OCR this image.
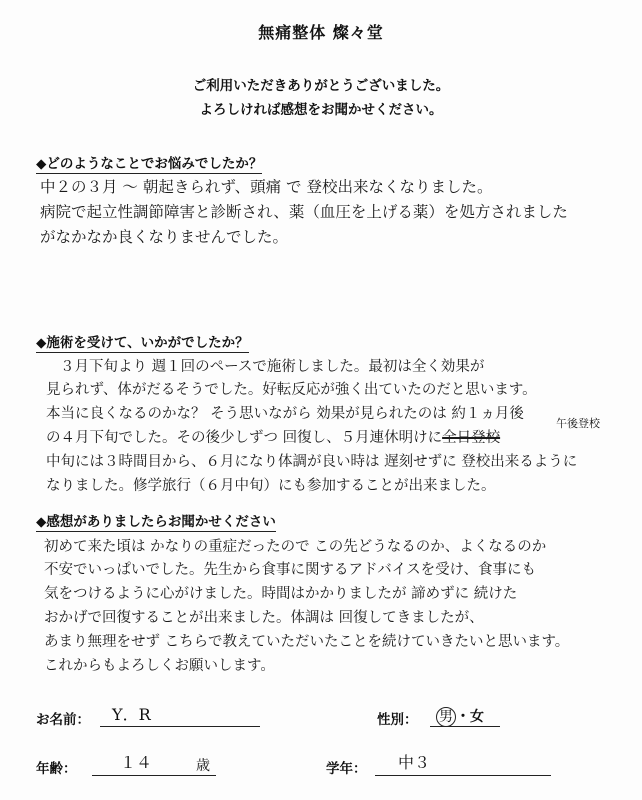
無痛整体 燦々堂
ご利用いただきありがとうございました。
よろしければ感想をお聞かせください。
◆どのようなことでお悩みでしたか？
中２の３月 〜 朝起きられず、頭痛 で 登校出来なくなりました。
病院で起立性調節障害と診断され、薬（血圧を上げる薬）を処方されました
がなかなか良くなりませんでした。
◆施術を受けて、いかがでしたか？
３月下旬より 週１回のペースで施術しました。最初は全く効果が
見られず、体がだるそうでした。好転反応が強く出ていたのだと思います。
本当に良くなるのかな？ そう思いながら 効果が見られたのは 約１ヵ月後
の４月下旬でした。その後少しずつ 回復し、５月連休明けに全日登校
中旬には３時間目から、６月になり体調が良い時は 遅刻せずに 登校出来るように
なりました。修学旅行（６月中旬）にも参加することが出来ました。
午後登校
◆感想がありましたらお聞かせください
初めて来た頃は かなりの重症だったので この先どうなるのか、よくなるのか
不安でいっぱいでした。先生から食事に関するアドバイスを受け、食事にも
気をつけるように心がけました。時間はかかりましたが 諦めずに 続けた
おかげで回復することが出来ました。体調は 回復してきましたが、
あまり無理をせず こちらで教えていただいたことを続けていきたいと思います。
これからもよろしくお願いします。
お名前： Y．R	性別： 男 ・女
年齢：	１４	歳	学年： 中３
